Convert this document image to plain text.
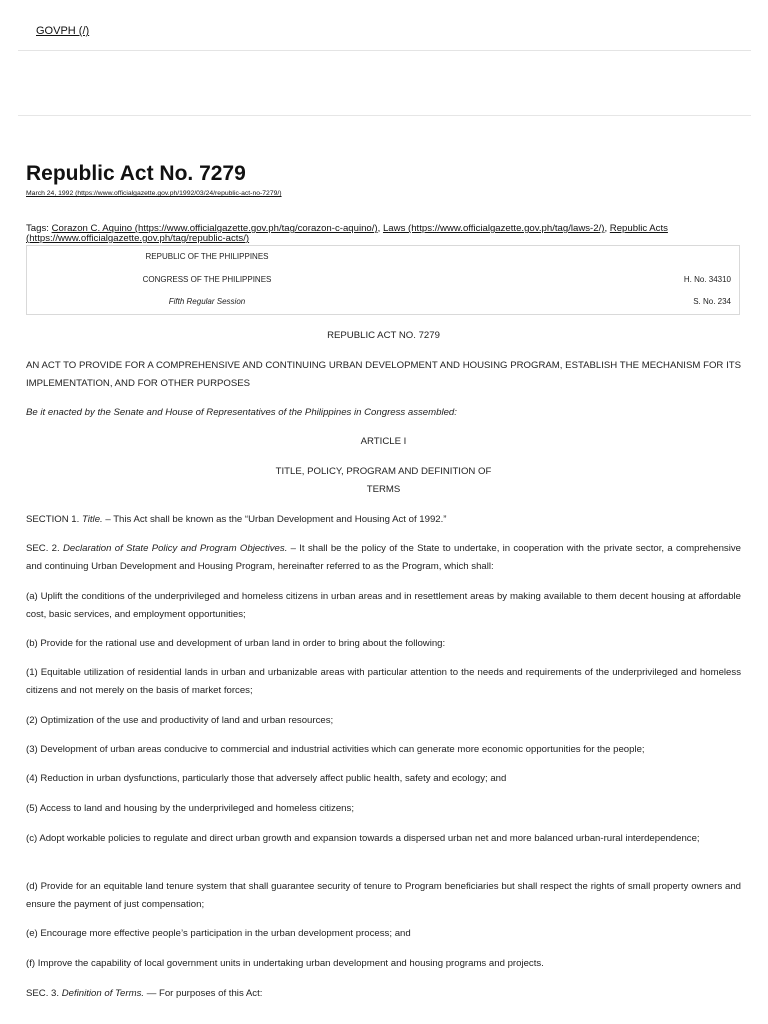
GOVPH (/)
Republic Act No. 7279
March 24, 1992 (https://www.officialgazette.gov.ph/1992/03/24/republic-act-no-7279/)
Tags: Corazon C. Aquino (https://www.officialgazette.gov.ph/tag/corazon-c-aquino/), Laws (https://www.officialgazette.gov.ph/tag/laws-2/), Republic Acts (https://www.officialgazette.gov.ph/tag/republic-acts/)
REPUBLIC OF THE PHILIPPINES
CONGRESS OF THE PHILIPPINES	H. No. 34310
Fifth Regular Session	S. No. 234

REPUBLIC ACT NO. 7279

AN ACT TO PROVIDE FOR A COMPREHENSIVE AND CONTINUING URBAN DEVELOPMENT AND HOUSING PROGRAM, ESTABLISH THE MECHANISM FOR ITS IMPLEMENTATION, AND FOR OTHER PURPOSES

Be it enacted by the Senate and House of Representatives of the Philippines in Congress assembled:

ARTICLE I

TITLE, POLICY, PROGRAM AND DEFINITION OF

TERMS

SECTION 1. Title. – This Act shall be known as the “Urban Development and Housing Act of 1992.”

SEC. 2. Declaration of State Policy and Program Objectives. – It shall be the policy of the State to undertake, in cooperation with the private sector, a comprehensive and continuing Urban Development and Housing Program, hereinafter referred to as the Program, which shall:

(a) Uplift the conditions of the underprivileged and homeless citizens in urban areas and in resettlement areas by making available to them decent housing at affordable cost, basic services, and employment opportunities;

(b) Provide for the rational use and development of urban land in order to bring about the following:

(1) Equitable utilization of residential lands in urban and urbanizable areas with particular attention to the needs and requirements of the underprivileged and homeless citizens and not merely on the basis of market forces;

(2) Optimization of the use and productivity of land and urban resources;

(3) Development of urban areas conducive to commercial and industrial activities which can generate more economic opportunities for the people;

(4) Reduction in urban dysfunctions, particularly those that adversely affect public health, safety and ecology; and

(5) Access to land and housing by the underprivileged and homeless citizens;

(c) Adopt workable policies to regulate and direct urban growth and expansion towards a dispersed urban net and more balanced urban-rural interdependence;

(d) Provide for an equitable land tenure system that shall guarantee security of tenure to Program beneficiaries but shall respect the rights of small property owners and ensure the payment of just compensation;

(e) Encourage more effective people’s participation in the urban development process; and

(f) Improve the capability of local government units in undertaking urban development and housing programs and projects.

SEC. 3. Definition of Terms. — For purposes of this Act:
